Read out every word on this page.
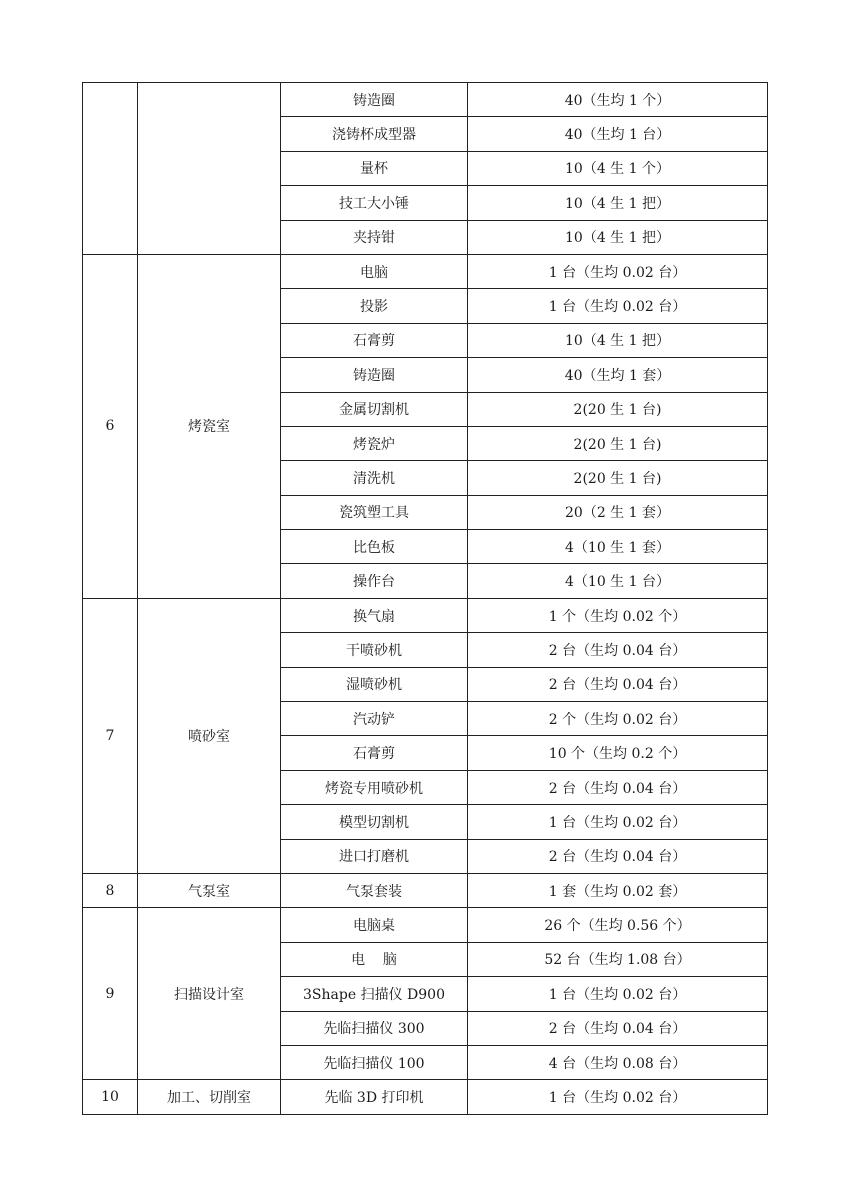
		铸造圈	40（生均 1 个）
		浇铸杯成型器	40（生均 1 台）
		量杯	10（4 生 1 个）
		技工大小锤	10（4 生 1 把）
		夹持钳	10（4 生 1 把）
6	烤瓷室	电脑	1 台（生均 0.02 台）
		投影	1 台（生均 0.02 台）
		石膏剪	10（4 生 1 把）
		铸造圈	40（生均 1 套）
		金属切割机	2(20 生 1 台)
		烤瓷炉	2(20 生 1 台)
		清洗机	2(20 生 1 台)
		瓷筑塑工具	20（2 生 1 套）
		比色板	4（10 生 1 套）
		操作台	4（10 生 1 台）
7	喷砂室	换气扇	1 个（生均 0.02 个）
		干喷砂机	2 台（生均 0.04 台）
		湿喷砂机	2 台（生均 0.04 台）
		汽动铲	2 个（生均 0.02 台）
		石膏剪	10 个（生均 0.2 个）
		烤瓷专用喷砂机	2 台（生均 0.04 台）
		模型切割机	1 台（生均 0.02 台）
		进口打磨机	2 台（生均 0.04 台）
8	气泵室	气泵套装	1 套（生均 0.02 套）
9	扫描设计室	电脑桌	26 个（生均 0.56 个）
		电    脑	52 台（生均 1.08 台）
		3Shape 扫描仪 D900	1 台（生均 0.02 台）
		先临扫描仪 300	2 台（生均 0.04 台）
		先临扫描仪 100	4 台（生均 0.08 台）
10	加工、切削室	先临 3D 打印机	1 台（生均 0.02 台）
